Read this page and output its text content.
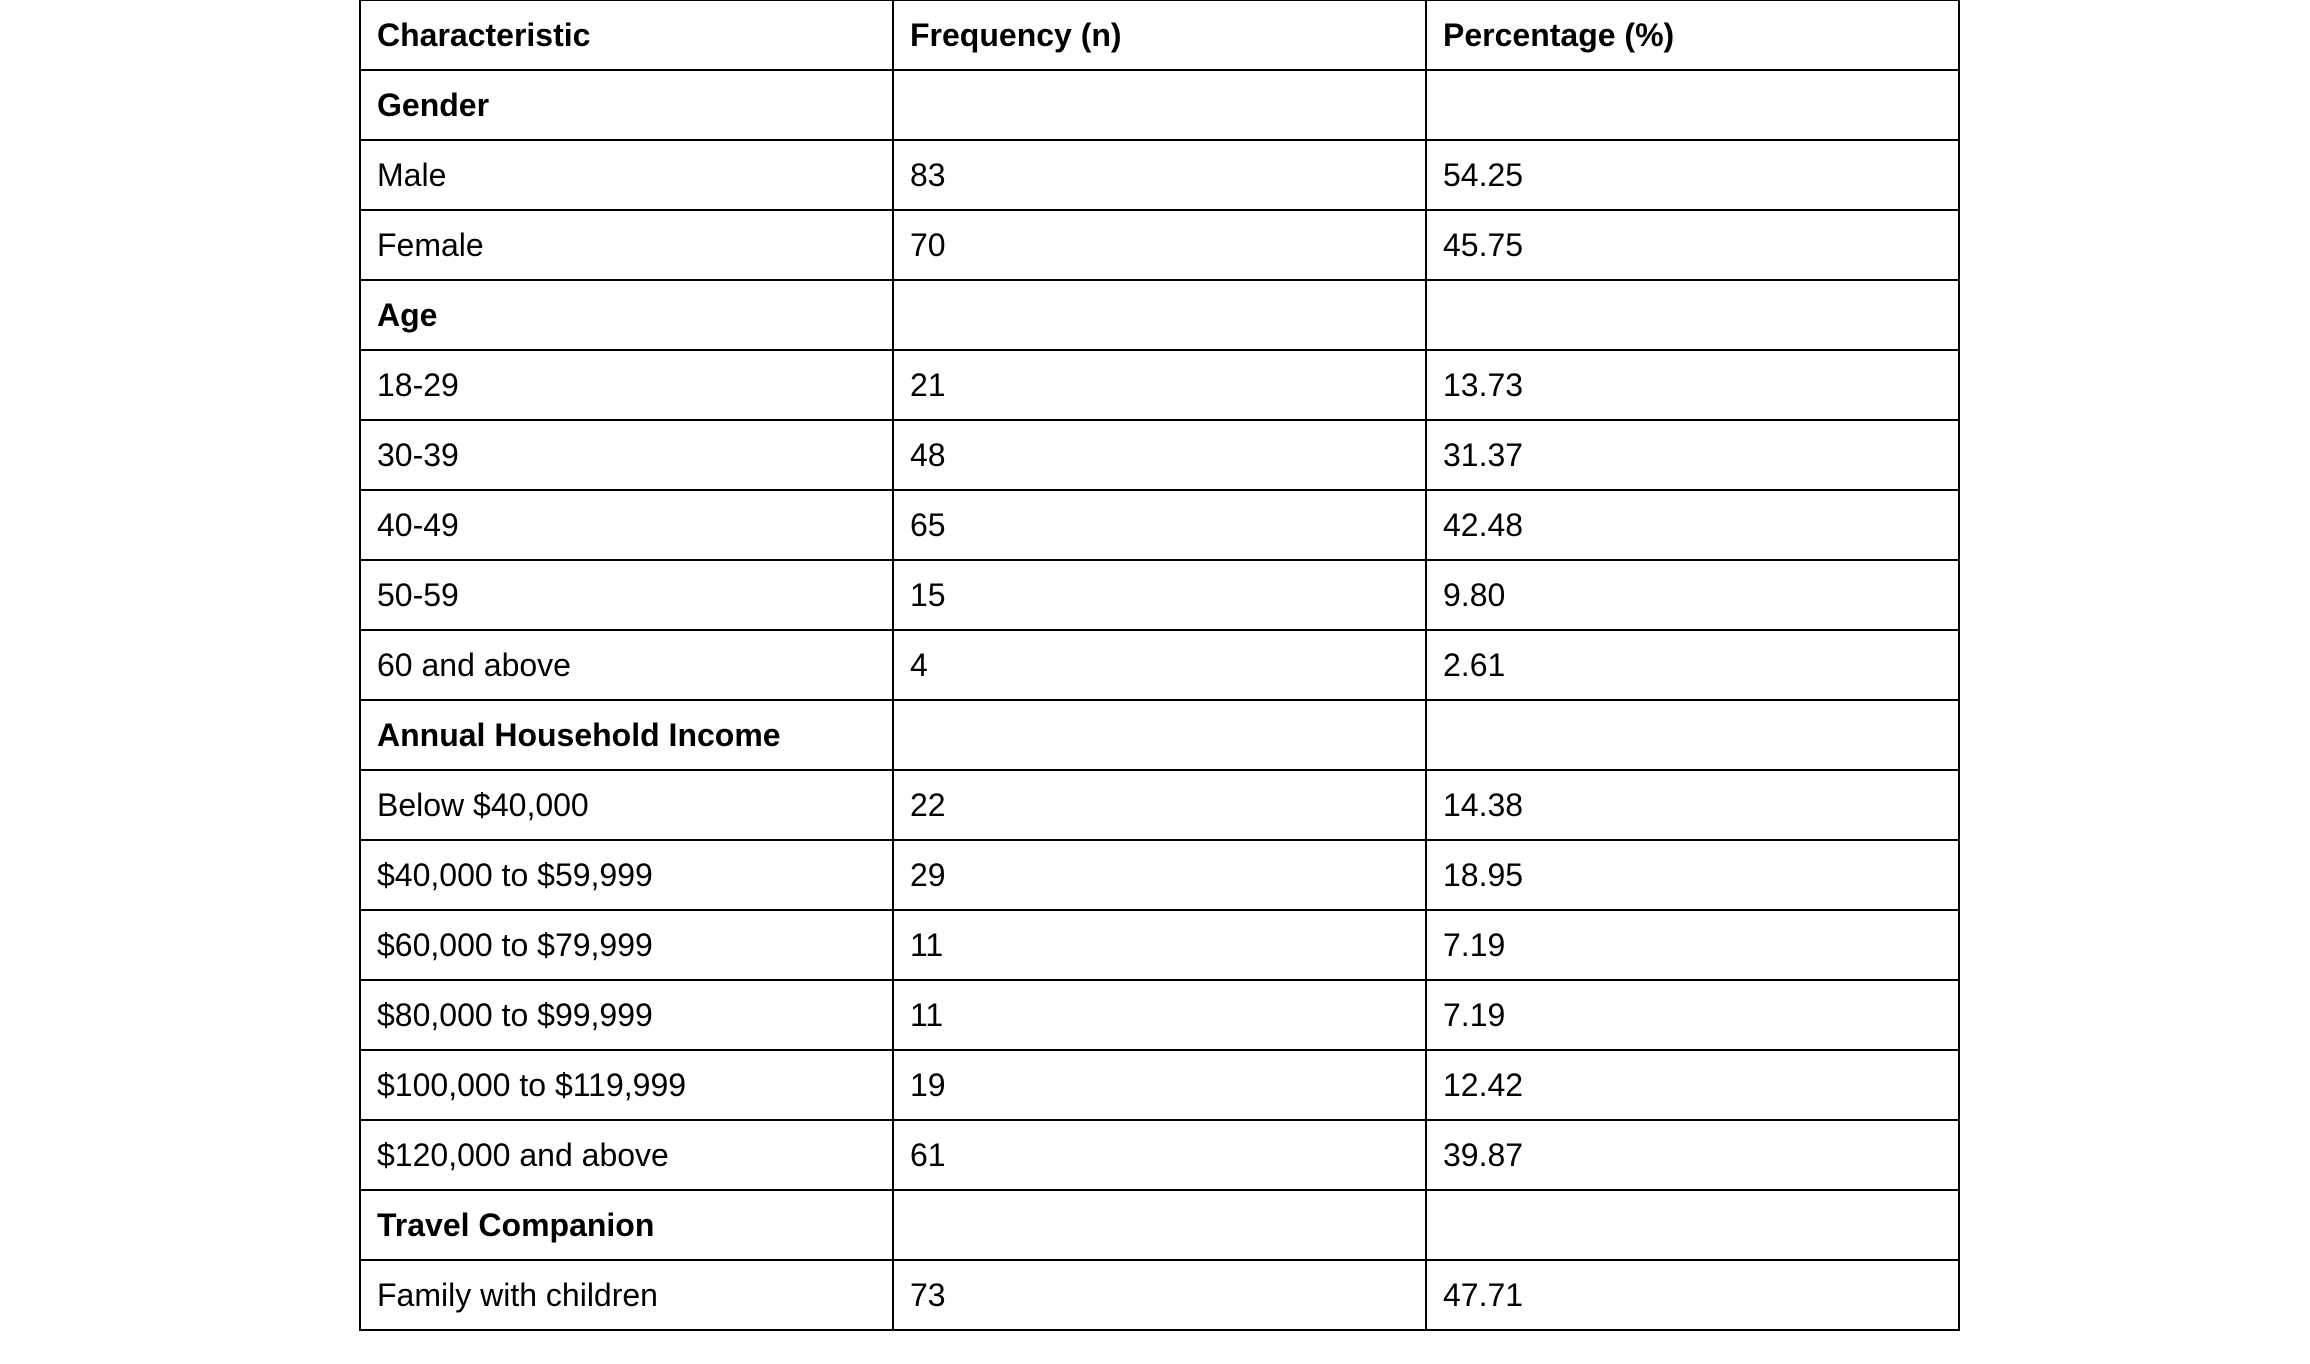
Characteristic	Frequency (n)	Percentage (%)
Gender		
Male	83	54.25
Female	70	45.75
Age		
18-29	21	13.73
30-39	48	31.37
40-49	65	42.48
50-59	15	9.80
60 and above	4	2.61
Annual Household Income		
Below $40,000	22	14.38
$40,000 to $59,999	29	18.95
$60,000 to $79,999	11	7.19
$80,000 to $99,999	11	7.19
$100,000 to $119,999	19	12.42
$120,000 and above	61	39.87
Travel Companion		
Family with children	73	47.71
